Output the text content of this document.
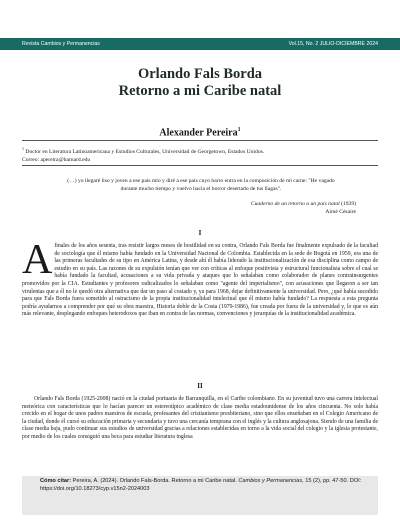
Revista Cambios y Permanencias	Vol.15, No. 2 JULIO-DICIEMBRE 2024
Orlando Fals Borda
Retorno a mi Caribe natal
Alexander Pereira$^1$
$^1$ Doctor en Literatura Latinoamericana y Estudios Culturales, Universidad de Georgetown, Estados Unidos.
Correo: apereira@barnard.edu
(…) yo llegaré liso y joven a ese país mío y diré a ese país cuyo barro entra en la composición de mi carne: "He vagado durante mucho tiempo y vuelvo hacia el horror desertado de tus llagas".
Cuaderno de un retorno a un país natal (1939)
Aimé Césaire
I
A finales de los años sesenta, tras resistir largos meses de hostilidad en su contra, Orlando Fals Borda fue finalmente expulsado de la facultad de sociología que él mismo había fundado en la Universidad Nacional de Colombia. Establecida en la sede de Bogotá en 1959, era una de las primeras facultades de su tipo en América Latina, y desde ahí él había liderado la institucionalización de esa disciplina como campo de estudio en su país. Las razones de su expulsión tenían que ver con críticas al enfoque positivista y estructural funcionalista sobre el cual se había fundado la facultad, acusaciones a su vida privada y ataques que lo señalaban como colaborador de planes contrainsurgentes promovidos por la CIA. Estudiantes y profesores radicalizados lo señalaban como "agente del imperialismo", con acusaciones que llegaron a ser tan virulentas que a él no le quedó otra alternativa que dar un paso al costado y, ya para 1968, dejar definitivamente la universidad. Pero, ¿qué había sucedido para que Fals Borda fuera sometido al ostracismo de la propia institucionalidad intelectual que él mismo había fundado? La respuesta a esta pregunta podría ayudarnos a comprender por qué su obra maestra, Historia doble de la Costa (1979-1986), fue creada por fuera de la universidad y, lo que es aún más relevante, desplegando enfoques heterodoxos que iban en contra de las normas, convenciones y jerarquías de la institucionalidad académica.
II
Orlando Fals Borda (1925-2008) nació en la ciudad portuaria de Barranquilla, en el Caribe colombiano. En su juventud tuvo una carrera intelectual meteórica con características que lo hacían parecer un estereotípico académico de clase media estadounidense de los años cincuenta. No solo había crecido en el hogar de unos padres maestros de escuela, profesantes del cristianismo presbiteriano, sino que ellos enseñaban en el Colegio Americano de la ciudad, donde él cursó su educación primaria y secundaria y tuvo una cercanía temprana con el inglés y la cultura anglosajona. Siendo de una familia de clase media baja, pudo continuar sus estudios de universidad gracias a relaciones establecidas en torno a la vida social del colegio y la iglesia protestante, por medio de los cuales consiguió una beca para estudiar literatura inglesa
Cómo citar: Pereira, A. (2024). Orlando Fals-Borda. Retorno a mi Caribe natal. Cambios y Permanencias, 15 (2), pp. 47-50. DOI: https://doi.org/10.18273/cyp.v15n2-2024003
